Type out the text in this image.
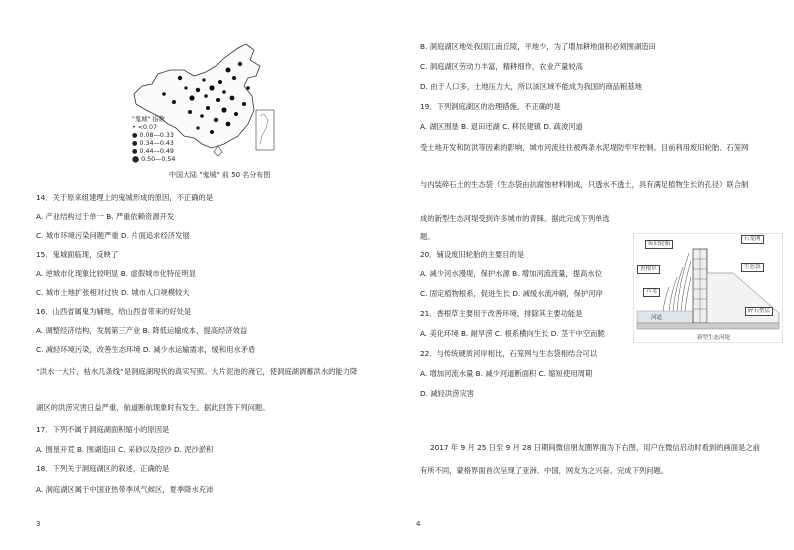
"鬼城" 指数
• <0.07
● 0.08—0.33
● 0.34—0.43
● 0.44—0.49
⬤ 0.50—0.54
中国大陆 "鬼城" 前 50 名分布图
14．关于原来组建理上的鬼城形成的原因，不正确的是
A. 产业结构过于单一 B. 严重依赖资源开发
C. 城市环境污染问题严重 D. 片面追求经济发展
15．鬼城面临现，反映了
A. 逆城市化现象比较明显 B. 虚假城市化特征明显
C. 城市土地扩张相对过快 D. 城市人口规模较大
16．山西省属鬼为辅地，给山西省带来的好处是
A. 调整经济结构，发展第三产业 B. 降低运输成本，提高经济效益
C. 减轻环境污染，改善生态环境 D. 减少水运输需求，缓和用水矛盾
“洪水一大片，枯水几条线”是洞庭湖现状的真实写照。大片泥池的淹它，使洞庭湖调蓄洪水的能力降
湖区的洪涝灾害日益严重，航道断航现象时有发生。据此回答下列问题。
17．下列不属于洞庭湖面积缩小的原因是
A. 围垦开荒 B. 围湖造田 C. 采砂以及挖沙 D. 泥沙淤积
18．下列关于洞庭湖区的叙述，正确的是
A. 洞庭湖区属于中国亚热带季风气候区，夏季降水充沛
3
B. 洞庭湖区地处我国江南丘陵，平地少，为了增加耕地面积必须围湖造田
C. 洞庭湖区劳动力丰富，精耕细作，农业产量较高
D. 由于人口多，土地压力大，所以该区域不能成为我国的商品粮基地
19．下列洞庭湖区的治理措施，不正确的是
A. 湖区围垦 B. 退田还湖 C. 移民建镇 D. 疏浚河道
受土地开发和防洪等因素的影响，城市河流往往被两条水泥堤防牢牢控制。目前利用废旧轮胎、石笼网
与内装碎石土的生态袋（生态袋由抗腐蚀材料制成，只透水不透土，具有满足植物生长的孔径）联合制
成的新型生态河堤受到许多城市的青睐。据此完成下列单选
题。
20．铺设废旧轮胎的主要目的是
A. 减少河水漫堤，保护水源 B. 增加河流流量，提高水位
C. 固定植物根系，促进生长 D. 减缓水流冲刷，保护河岸
21．香根草主要用于改善环境，排除其主要功能是
A. 美化环境 B. 耐旱涝 C. 根系横向生长 D. 茎干中空而脆
22．与传统硬质河岸相比，石笼网与生态袋相结合可以
A. 增加河流水量 B. 减少河道断面积 C. 缩短使用周期
D. 减轻洪涝灾害
2017 年 9 月 25 日至 9 月 28 日期间微信朋友圈界面为下右图，用户在微信启动时看到的画面是之前
有所不同，蒙格界面首次呈现了亚洲、中国，网友为之兴奋。完成下列问题。
废旧轮胎
石笼网
生态袋
香根草
芦苇
碎石垫层
河道
新型生态河堤
4
